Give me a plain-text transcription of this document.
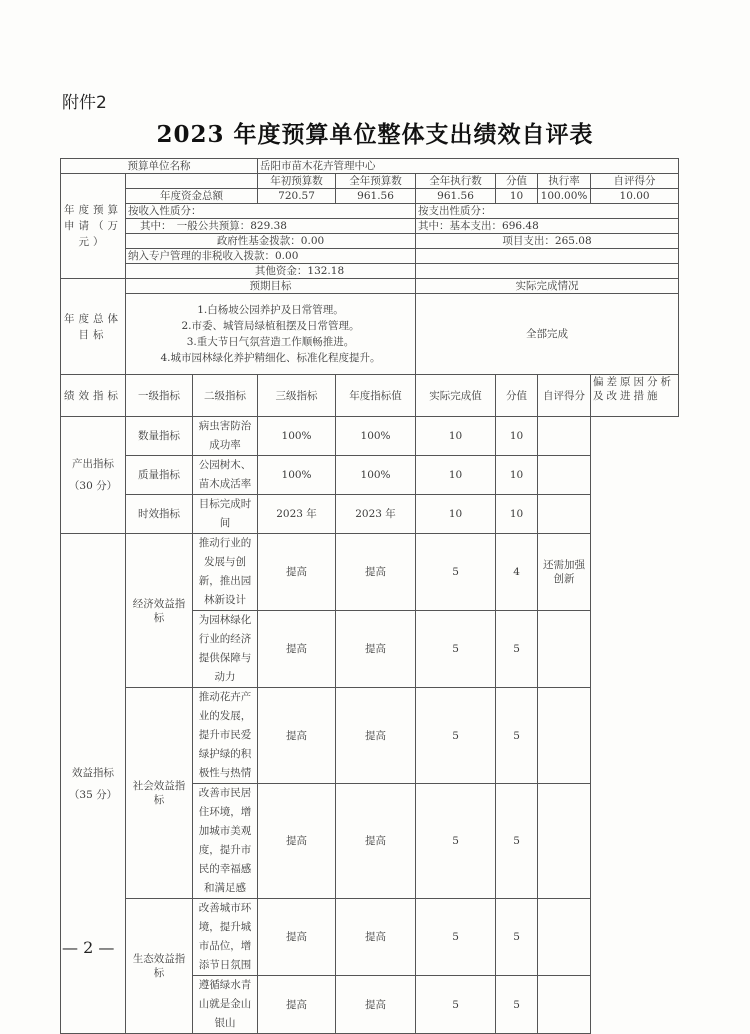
附件2
2023 年度预算单位整体支出绩效自评表
预算单位名称			岳阳市苗木花卉管理中心					
年度预算申请（万元）			年初预算数	全年预算数	全年执行数	分值	执行率	自评得分
	年度资金总额		720.57	961.56	961.56	10	100.00%	10.00
	按收入性质分：				按支出性质分：			
	其中：　一般公共预算：829.38				其中：基本支出：696.48			
	政府性基金拨款：0.00				项目支出：265.08			
	纳入专户管理的非税收入拨款：0.00							
	其他资金：132.18							
年度总体目标	预期目标				实际完成情况			

	1.白杨坡公园养护及日常管理。
2.市委、城管局绿植租摆及日常管理。
3.重大节日气氛营造工作顺畅推进。
4.城市园林绿化养护精细化、标准化程度提升。				全部完成			
绩效指标	一级指标	二级指标	三级指标	年度指标值	实际完成值	分值	自评得分	偏差原因分析及改进措施
产出指标（30 分）	数量指标	病虫害防治成功率	100%	100%	10	10		
	质量指标	公园树木、苗木成活率	100%	100%	10	10		
	时效指标	目标完成时间	2023 年	2023 年	10	10		
效益指标（35 分）	经济效益指标	推动行业的发展与创新，推出园林新设计	提高	提高	5	4	还需加强创新	
		为园林绿化行业的经济提供保障与动力	提高	提高	5	5		
	社会效益指标	推动花卉产业的发展，提升市民爱绿护绿的积极性与热情	提高	提高	5	5		
		改善市民居住环境，增加城市美观度，提升市民的幸福感和满足感	提高	提高	5	5		
	生态效益指标	改善城市环境，提升城市品位，增添节日氛围	提高	提高	5	5		
		遵循绿水青山就是金山银山	提高	提高	5	5		
— 2 —
